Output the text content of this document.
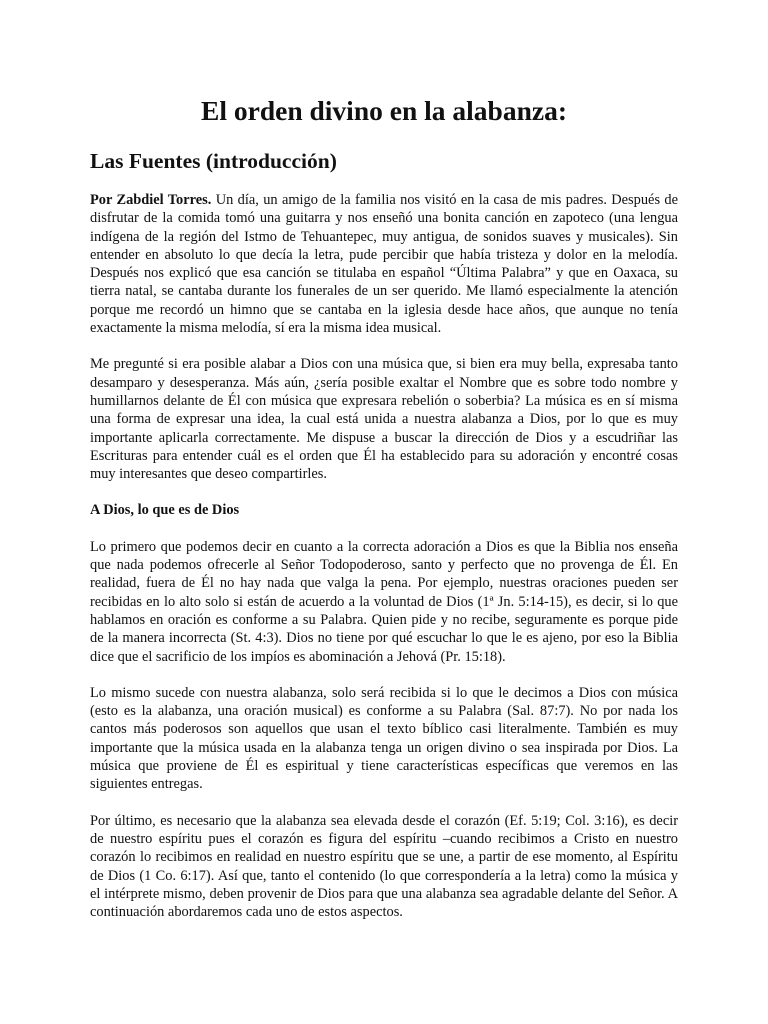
El orden divino en la alabanza:
Las Fuentes (introducción)

Por Zabdiel Torres. Un día, un amigo de la familia nos visitó en la casa de mis padres. Después de disfrutar de la comida tomó una guitarra y nos enseñó una bonita canción en zapoteco (una lengua indígena de la región del Istmo de Tehuantepec, muy antigua, de sonidos suaves y musicales). Sin entender en absoluto lo que decía la letra, pude percibir que había tristeza y dolor en la melodía. Después nos explicó que esa canción se titulaba en español “Última Palabra” y que en Oaxaca, su tierra natal, se cantaba durante los funerales de un ser querido. Me llamó especialmente la atención porque me recordó un himno que se cantaba en la iglesia desde hace años, que aunque no tenía exactamente la misma melodía, sí era la misma idea musical.

Me pregunté si era posible alabar a Dios con una música que, si bien era muy bella, expresaba tanto desamparo y desesperanza. Más aún, ¿sería posible exaltar el Nombre que es sobre todo nombre y humillarnos delante de Él con música que expresara rebelión o soberbia? La música es en sí misma una forma de expresar una idea, la cual está unida a nuestra alabanza a Dios, por lo que es muy importante aplicarla correctamente. Me dispuse a buscar la dirección de Dios y a escudriñar las Escrituras para entender cuál es el orden que Él ha establecido para su adoración y encontré cosas muy interesantes que deseo compartirles.

A Dios, lo que es de Dios

Lo primero que podemos decir en cuanto a la correcta adoración a Dios es que la Biblia nos enseña que nada podemos ofrecerle al Señor Todopoderoso, santo y perfecto que no provenga de Él. En realidad, fuera de Él no hay nada que valga la pena. Por ejemplo, nuestras oraciones pueden ser recibidas en lo alto solo si están de acuerdo a la voluntad de Dios (1ª Jn. 5:14-15), es decir, si lo que hablamos en oración es conforme a su Palabra. Quien pide y no recibe, seguramente es porque pide de la manera incorrecta (St. 4:3). Dios no tiene por qué escuchar lo que le es ajeno, por eso la Biblia dice que el sacrificio de los impíos es abominación a Jehová (Pr. 15:18).

Lo mismo sucede con nuestra alabanza, solo será recibida si lo que le decimos a Dios con música (esto es la alabanza, una oración musical) es conforme a su Palabra (Sal. 87:7). No por nada los cantos más poderosos son aquellos que usan el texto bíblico casi literalmente. También es muy importante que la música usada en la alabanza tenga un origen divino o sea inspirada por Dios. La música que proviene de Él es espiritual y tiene características específicas que veremos en las siguientes entregas.

Por último, es necesario que la alabanza sea elevada desde el corazón (Ef. 5:19; Col. 3:16), es decir de nuestro espíritu pues el corazón es figura del espíritu –cuando recibimos a Cristo en nuestro corazón lo recibimos en realidad en nuestro espíritu que se une, a partir de ese momento, al Espíritu de Dios (1 Co. 6:17). Así que, tanto el contenido (lo que correspondería a la letra) como la música y el intérprete mismo, deben provenir de Dios para que una alabanza sea agradable delante del Señor. A continuación abordaremos cada uno de estos aspectos.
